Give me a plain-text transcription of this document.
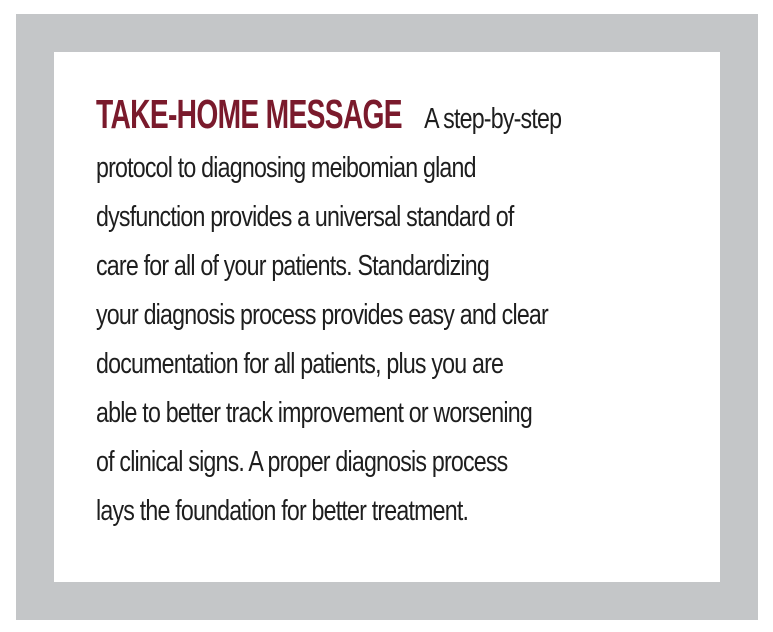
TAKE-HOME MESSAGE A step-by-step
protocol to diagnosing meibomian gland
dysfunction provides a universal standard of
care for all of your patients. Standardizing
your diagnosis process provides easy and clear
documentation for all patients, plus you are
able to better track improvement or worsening
of clinical signs. A proper diagnosis process
lays the foundation for better treatment.
